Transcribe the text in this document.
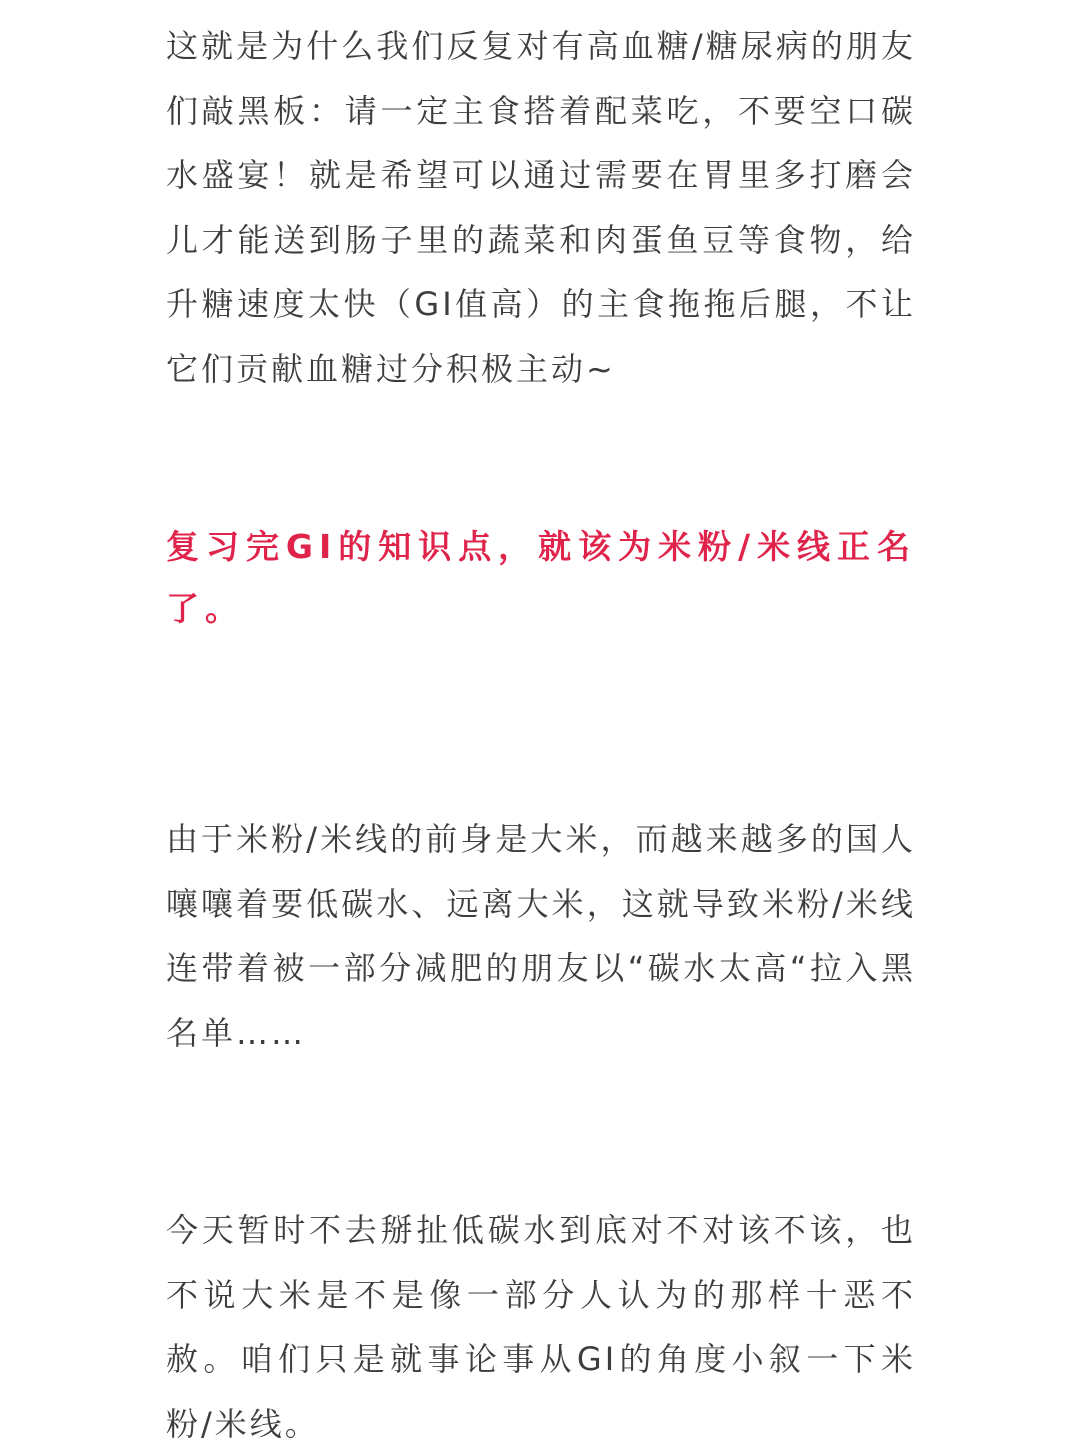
这就是为什么我们反复对有高血糖/糖尿病的朋友们敲黑板：请一定主食搭着配菜吃，不要空口碳水盛宴！就是希望可以通过需要在胃里多打磨会儿才能送到肠子里的蔬菜和肉蛋鱼豆等食物，给升糖速度太快（GI值高）的主食拖拖后腿，不让它们贡献血糖过分积极主动~

复习完GI的知识点，就该为米粉/米线正名了。

由于米粉/米线的前身是大米，而越来越多的国人嚷嚷着要低碳水、远离大米，这就导致米粉/米线连带着被一部分减肥的朋友以“碳水太高“拉入黑名单……

今天暂时不去掰扯低碳水到底对不对该不该，也不说大米是不是像一部分人认为的那样十恶不赦。咱们只是就事论事从GI的角度小叙一下米粉/米线。
